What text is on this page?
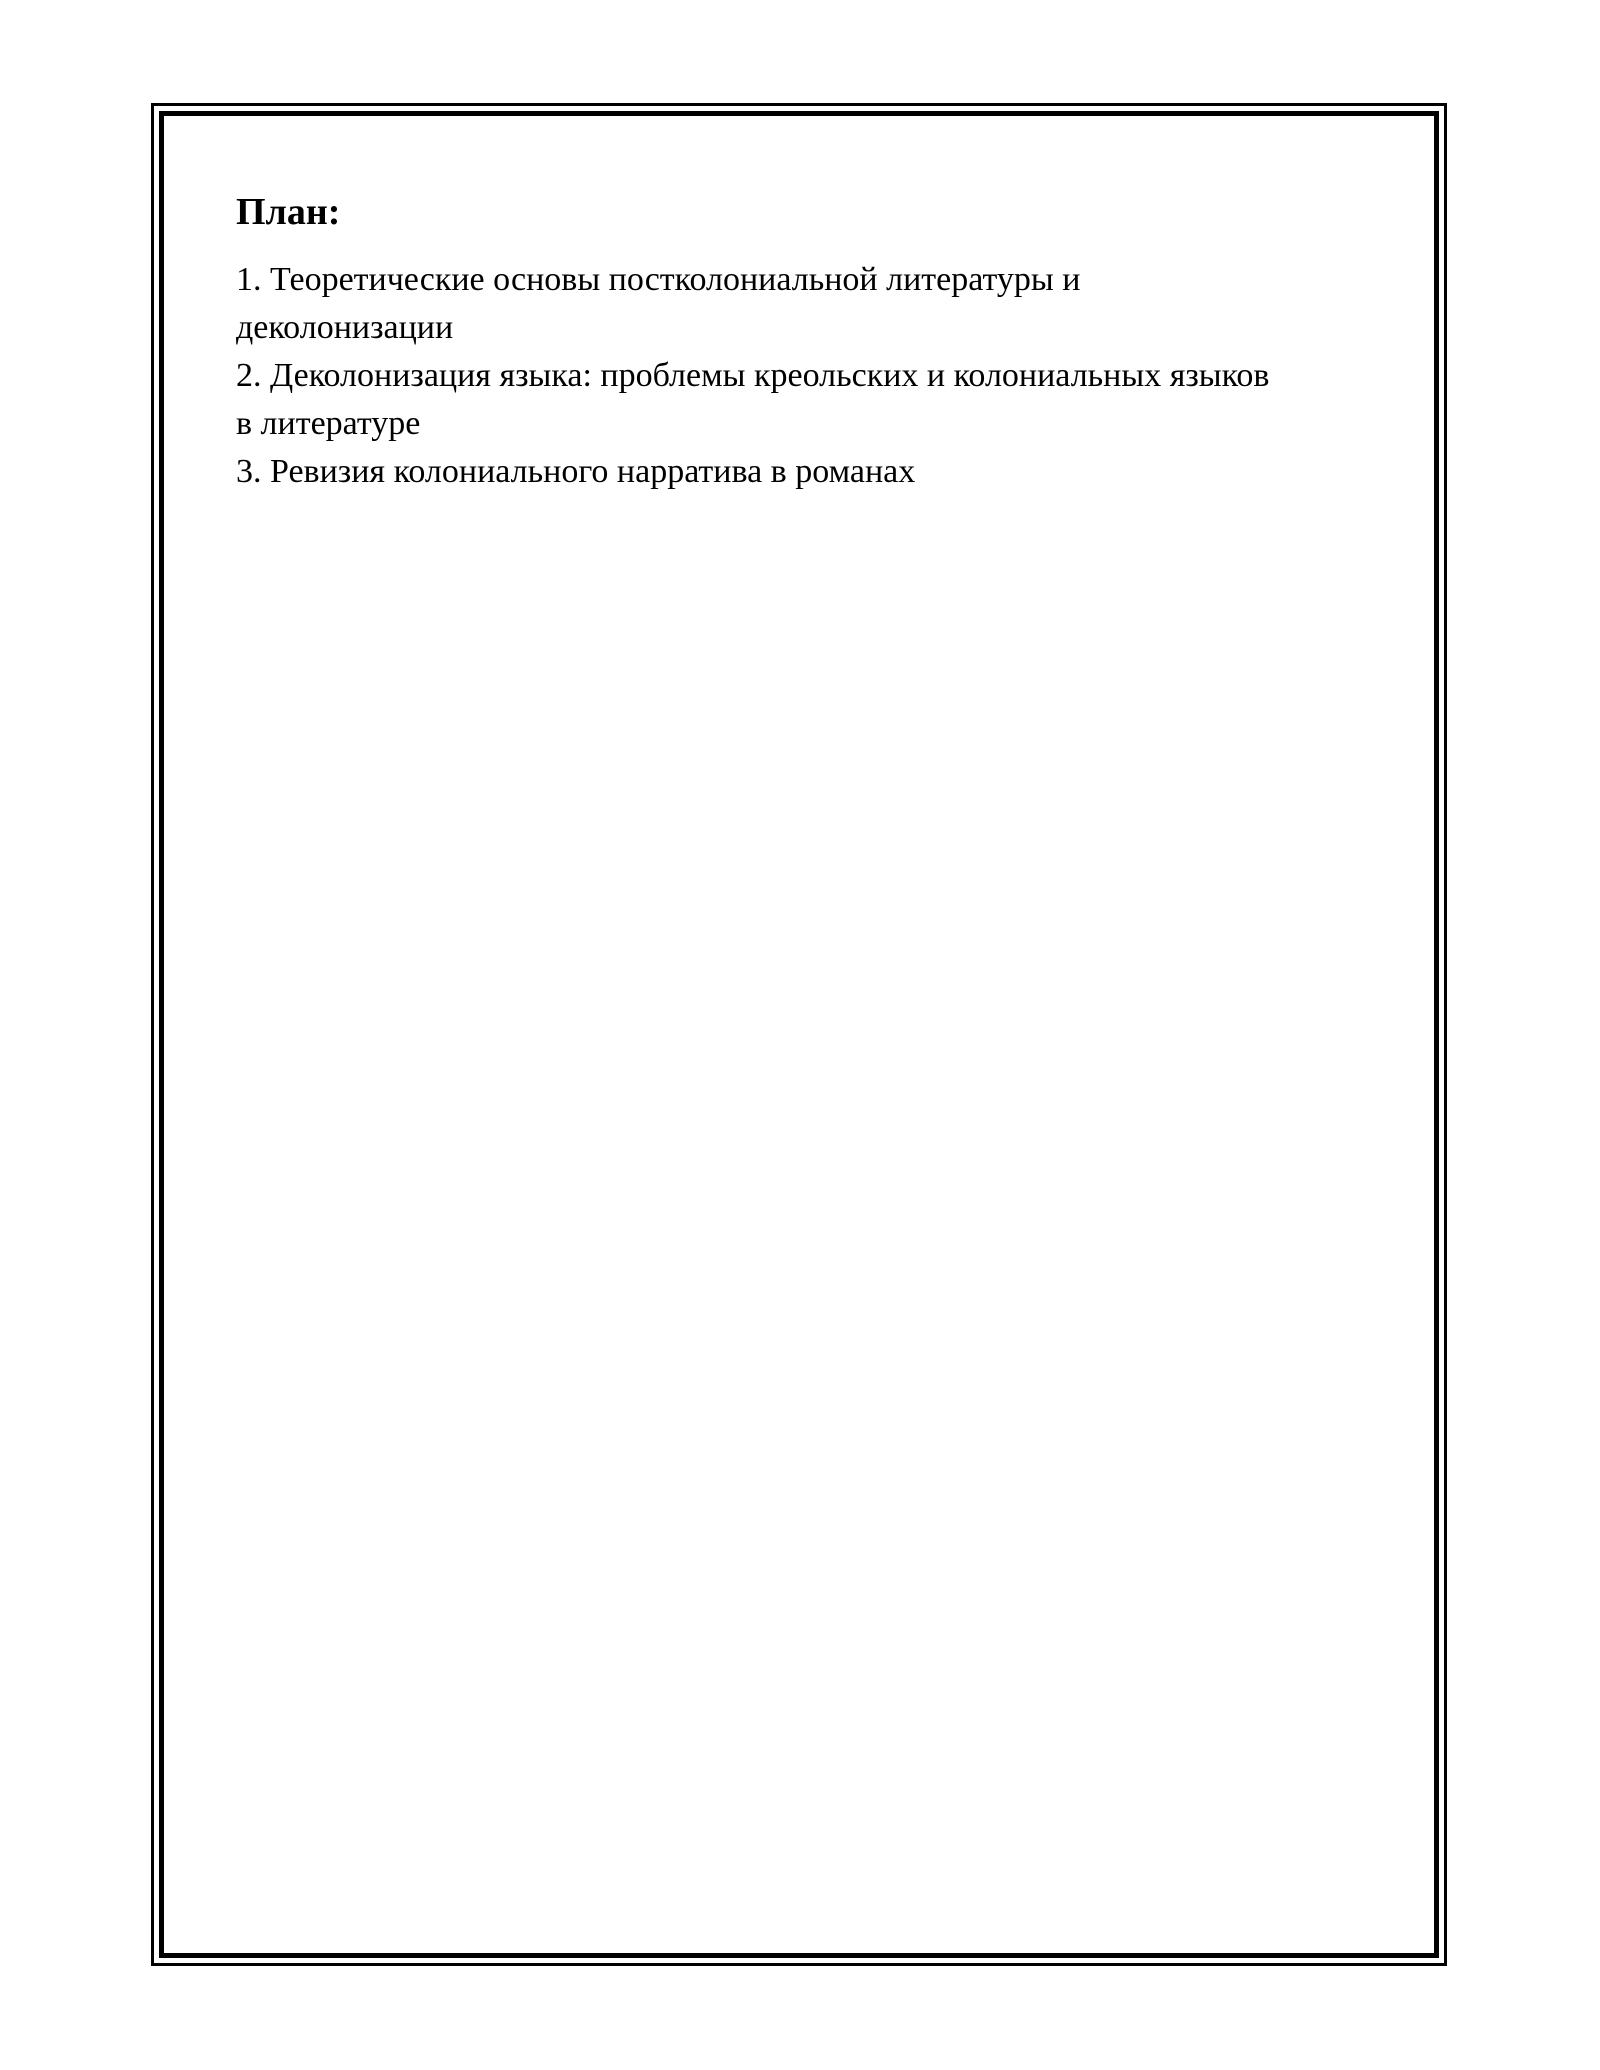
План:
1. Теоретические основы постколониальной литературы и
деколонизации
2. Деколонизация языка: проблемы креольских и колониальных языков
в литературе
3. Ревизия колониального нарратива в романах
